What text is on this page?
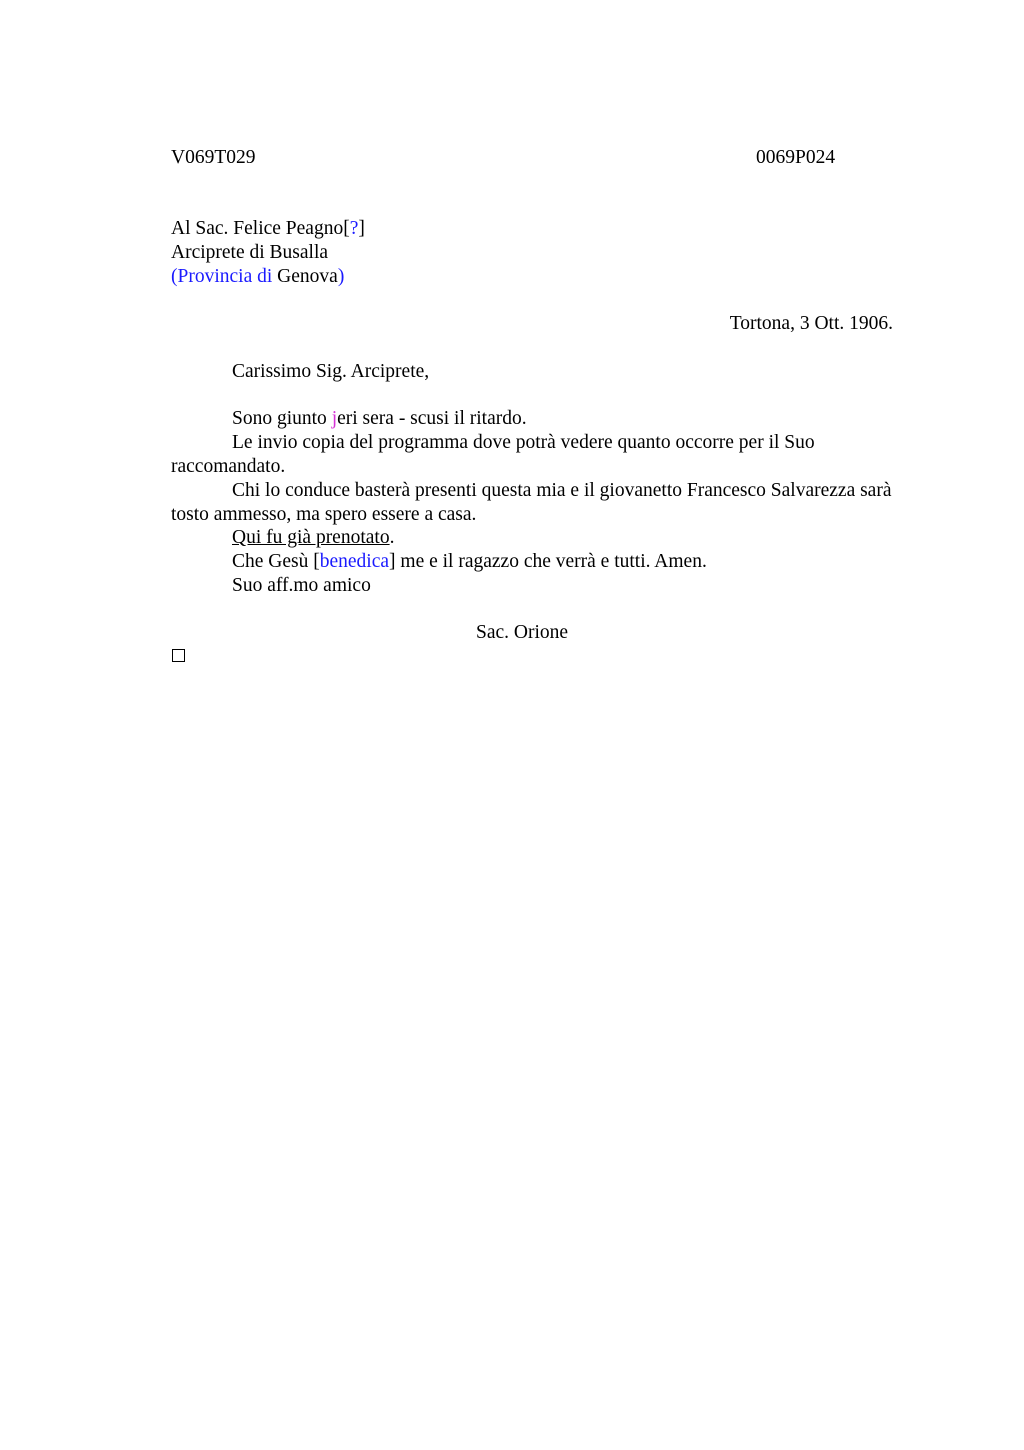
V069T029	0069P024
Al Sac. Felice Peagno[?]
Arciprete di Busalla
(Provincia di Genova)
Tortona, 3 Ott. 1906.
Carissimo Sig. Arciprete,
Sono giunto jeri sera - scusi il ritardo.
Le invio copia del programma dove potrà vedere quanto occorre per il Suo raccomandato.
Chi lo conduce basterà presenti questa mia e il giovanetto Francesco Salvarezza sarà tosto ammesso, ma spero essere a casa.
Qui fu già prenotato.
Che Gesù [benedica] me e il ragazzo che verrà e tutti. Amen.
Suo aff.mo amico
Sac. Orione
